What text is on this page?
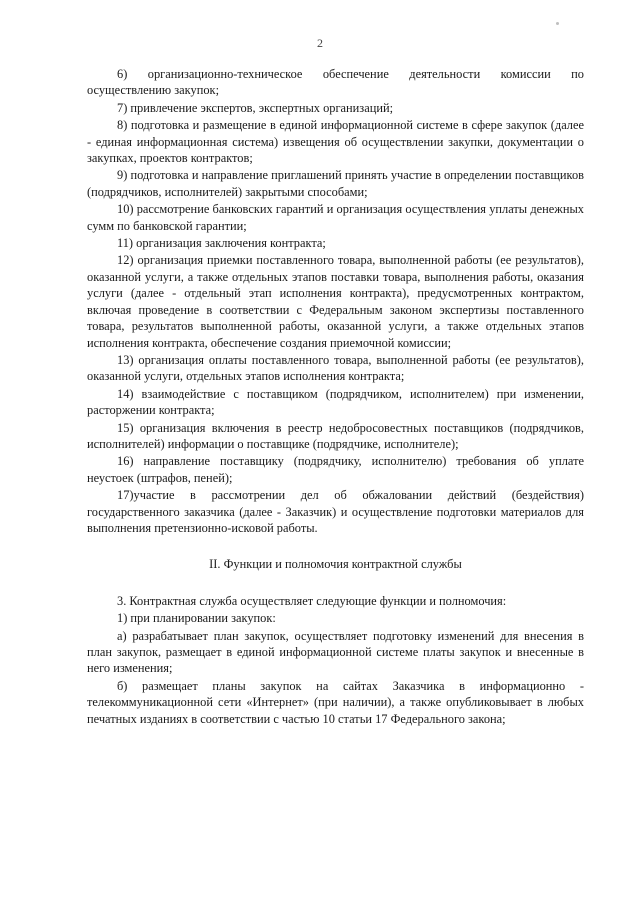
2

6) организационно-техническое обеспечение деятельности комиссии по осуществлению закупок;

7) привлечение экспертов, экспертных организаций;

8) подготовка и размещение в единой информационной системе в сфере закупок (далее - единая информационная система) извещения об осуществлении закупки, документации о закупках, проектов контрактов;

9) подготовка и направление приглашений принять участие в определении поставщиков (подрядчиков, исполнителей) закрытыми способами;

10) рассмотрение банковских гарантий и организация осуществления уплаты денежных сумм по банковской гарантии;

11) организация заключения контракта;

12) организация приемки поставленного товара, выполненной работы (ее результатов), оказанной услуги, а также отдельных этапов поставки товара, выполнения работы, оказания услуги (далее - отдельный этап исполнения контракта), предусмотренных контрактом, включая проведение в соответствии с Федеральным законом экспертизы поставленного товара, результатов выполненной работы, оказанной услуги, а также отдельных этапов исполнения контракта, обеспечение создания приемочной комиссии;

13) организация оплаты поставленного товара, выполненной работы (ее результатов), оказанной услуги, отдельных этапов исполнения контракта;

14) взаимодействие с поставщиком (подрядчиком, исполнителем) при изменении, расторжении контракта;

15) организация включения в реестр недобросовестных поставщиков (подрядчиков, исполнителей) информации о поставщике (подрядчике, исполнителе);

16) направление поставщику (подрядчику, исполнителю) требования об уплате неустоек (штрафов, пеней);

17)участие в рассмотрении дел об обжаловании действий (бездействия) государственного заказчика (далее - Заказчик) и осуществление подготовки материалов для выполнения претензионно-исковой работы.

II. Функции и полномочия контрактной службы

3. Контрактная служба осуществляет следующие функции и полномочия:

1) при планировании закупок:

а) разрабатывает план закупок, осуществляет подготовку изменений для внесения в план закупок, размещает в единой информационной системе платы закупок и внесенные в него изменения;

б) размещает планы закупок на сайтах Заказчика в информационно - телекоммуникационной сети «Интернет» (при наличии), а также опубликовывает в любых печатных изданиях в соответствии с частью 10 статьи 17 Федерального закона;
